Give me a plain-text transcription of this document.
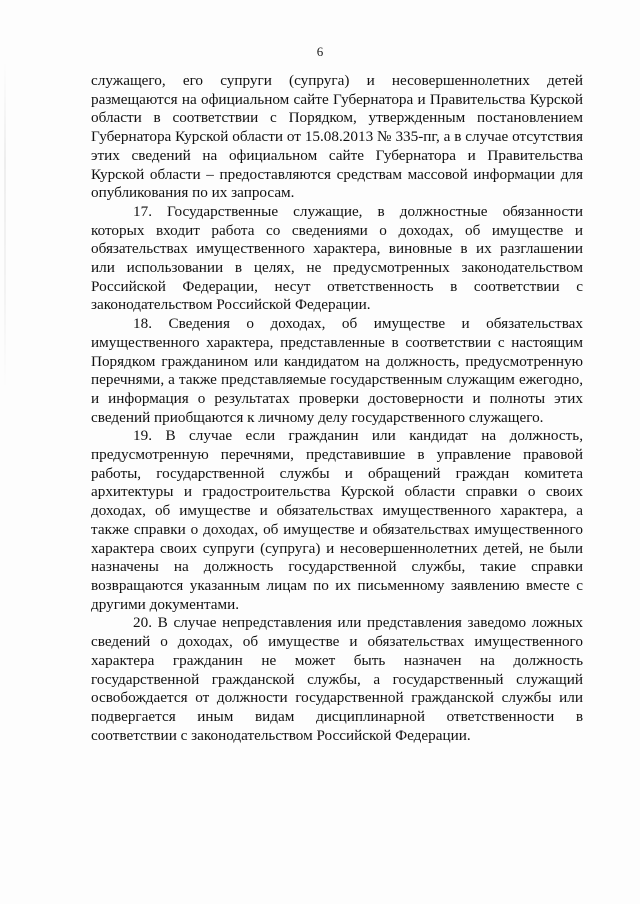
6

служащего, его супруги (супруга) и несовершеннолетних детей размещаются на официальном сайте Губернатора и Правительства Курской области в соответствии с Порядком, утвержденным постановлением Губернатора Курской области от 15.08.2013 № 335-пг, а в случае отсутствия этих сведений на официальном сайте Губернатора и Правительства Курской области – предоставляются средствам массовой информации для опубликования по их запросам.

17. Государственные служащие, в должностные обязанности которых входит работа со сведениями о доходах, об имуществе и обязательствах имущественного характера, виновные в их разглашении или использовании в целях, не предусмотренных законодательством Российской Федерации, несут ответственность в соответствии с законодательством Российской Федерации.

18. Сведения о доходах, об имуществе и обязательствах имущественного характера, представленные в соответствии с настоящим Порядком гражданином или кандидатом на должность, предусмотренную перечнями, а также представляемые государственным служащим ежегодно, и информация о результатах проверки достоверности и полноты этих сведений приобщаются к личному делу государственного служащего.

19. В случае если гражданин или кандидат на должность, предусмотренную перечнями, представившие в управление правовой работы, государственной службы и обращений граждан комитета архитектуры и градостроительства Курской области справки о своих доходах, об имуществе и обязательствах имущественного характера, а также справки о доходах, об имуществе и обязательствах имущественного характера своих супруги (супруга) и несовершеннолетних детей, не были назначены на должность государственной службы, такие справки возвращаются указанным лицам по их письменному заявлению вместе с другими документами.

20. В случае непредставления или представления заведомо ложных сведений о доходах, об имуществе и обязательствах имущественного характера гражданин не может быть назначен на должность государственной гражданской службы, а государственный служащий освобождается от должности государственной гражданской службы или подвергается иным видам дисциплинарной ответственности в соответствии с законодательством Российской Федерации.
